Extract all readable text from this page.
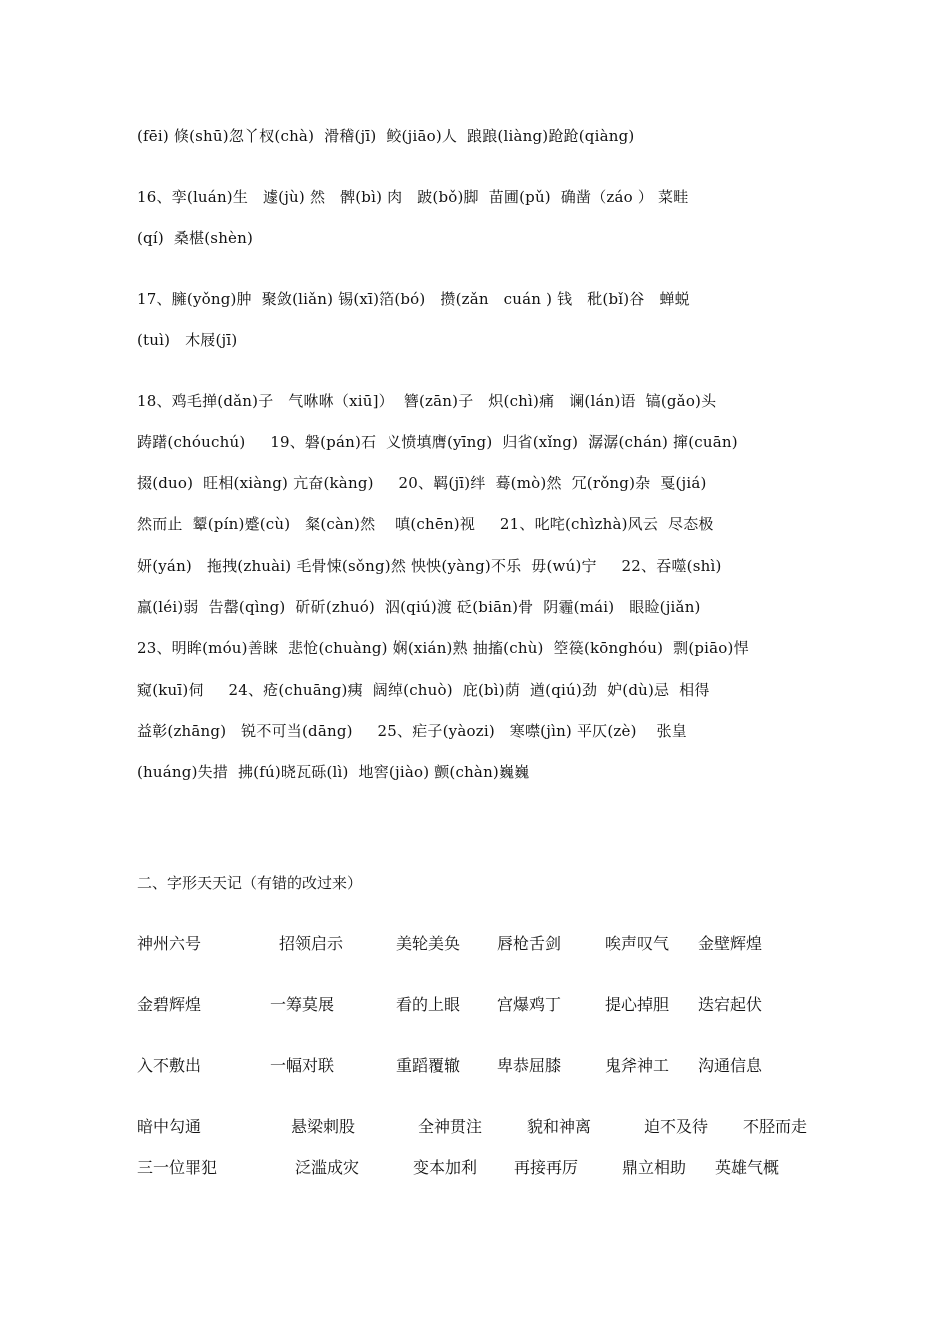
(fēi) 倏(shū)忽丫杈(chà)  滑稽(jī)  鲛(jiāo)人  踉踉(liàng)跄跄(qiàng)
16、孪(luán)生   遽(jù) 然   髀(bì) 肉   跛(bǒ)脚  苗圃(pǔ)  确凿（záo ） 菜畦
(qí)  桑椹(shèn)
17、臃(yǒng)肿  聚敛(liǎn) 锡(xī)箔(bó)   攒(zǎn   cuán ) 钱   秕(bǐ)谷   蝉蜕
(tuì)   木屐(jī)
18、鸡毛掸(dǎn)子   气咻咻（xiū]）  簪(zān)子   炽(chì)痛   谰(lán)语  镐(gǎo)头
踌躇(chóuchú)     19、磐(pán)石  义愤填膺(yīng)  归省(xǐng)  潺潺(chán) 撺(cuān)
掇(duo)  旺相(xiàng) 亢奋(kàng)     20、羁(jī)绊  蓦(mò)然  冗(rǒng)杂  戛(jiá)
然而止  颦(pín)蹙(cù)   粲(càn)然    嗔(chēn)视     21、叱咤(chìzhà)风云  尽态极
妍(yán)   拖拽(zhuài) 毛骨悚(sǒng)然 怏怏(yàng)不乐  毋(wú)宁     22、吞噬(shì)
羸(léi)弱  告罄(qìng)  斫斫(zhuó)  泅(qiú)渡 砭(biān)骨  阴霾(mái)   眼睑(jiǎn)
23、明眸(móu)善睐  悲怆(chuàng) 娴(xián)熟 抽搐(chù)  箜篌(kōnghóu)  剽(piāo)悍
窥(kuī)伺     24、疮(chuāng)痍  阔绰(chuò)  庇(bì)荫  遒(qiú)劲  妒(dù)忌  相得
益彰(zhāng)   锐不可当(dāng)     25、疟子(yàozi)   寒噤(jìn) 平仄(zè)    张皇
(huáng)失措  拂(fú)晓瓦砾(lì)  地窖(jiào) 颤(chàn)巍巍
二、字形天天记（有错的改过来）
神州六号	招领启示	美轮美奂 唇枪舌剑	唉声叹气 金壁辉煌
金碧辉煌	一筹莫展	看的上眼 宫爆鸡丁	提心掉胆 迭宕起伏
入不敷出	一幅对联	重蹈覆辙 卑恭屈膝	鬼斧神工 沟通信息
暗中勾通	悬梁刺股	全神贯注	貌和神离	迫不及待 不胫而走
三一位罪犯	泛滥成灾	变本加利 再接再厉	鼎立相助 英雄气概
